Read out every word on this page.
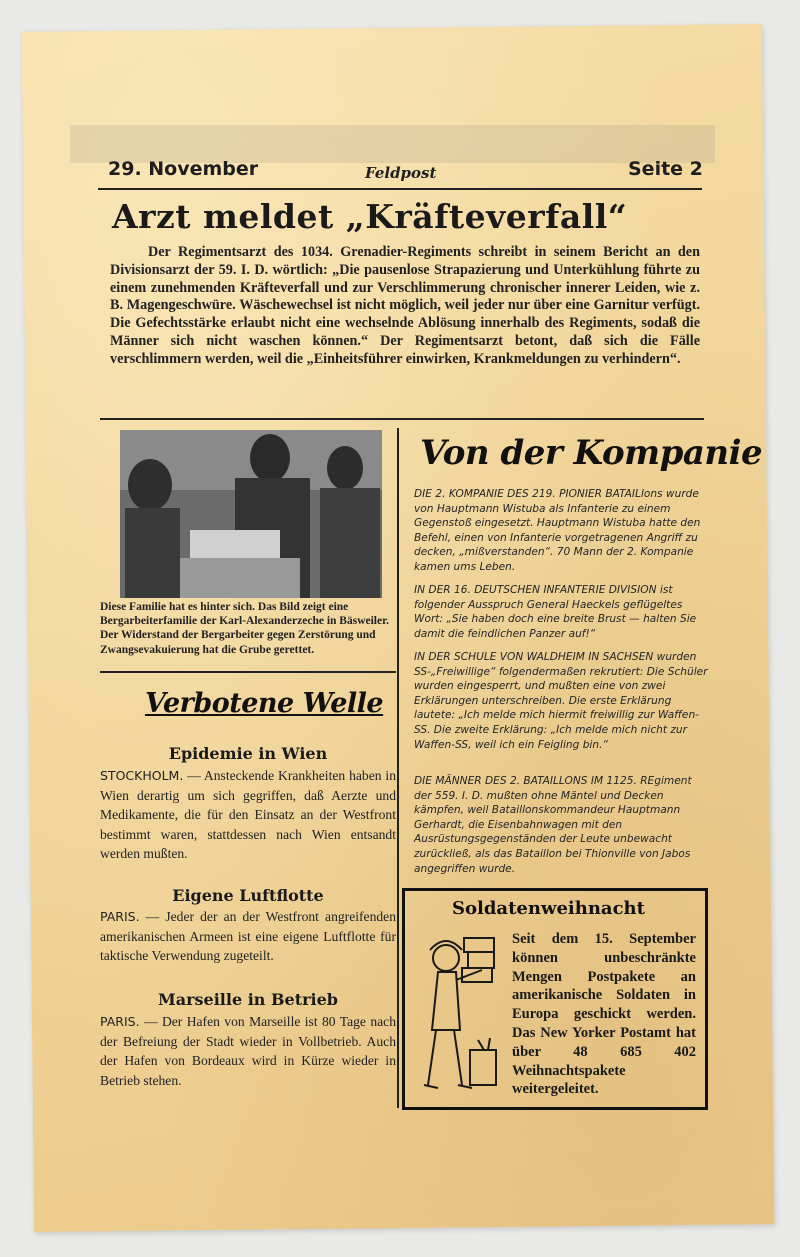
29. November	Feldpost	Seite 2
Arzt meldet „Kräfteverfall“

Der Regimentsarzt des 1034. Grenadier-Regiments schreibt in seinem Bericht an den Divisionsarzt der 59. I. D. wörtlich: „Die pausenlose Strapazierung und Unterkühlung führte zu einem zunehmenden Kräfteverfall und zur Verschlimmerung chronischer innerer Leiden, wie z. B. Magengeschwüre. Wäschewechsel ist nicht möglich, weil jeder nur über eine Garnitur verfügt. Die Gefechtsstärke erlaubt nicht eine wechselnde Ablösung innerhalb des Regiments, sodaß die Männer sich nicht waschen können.“ Der Regimentsarzt betont, daß sich die Fälle verschlimmern werden, weil die „Einheitsführer einwirken, Krankmeldungen zu verhindern“.

Diese Familie hat es hinter sich. Das Bild zeigt eine Bergarbeiterfamilie der Karl-Alexanderzeche in Bäsweiler. Der Widerstand der Bergarbeiter gegen Zerstörung und Zwangsevakuierung hat die Grube gerettet.

Von der Kompanie

DIE 2. KOMPANIE DES 219. PIONIER BATAILlons wurde von Hauptmann Wistuba als Infanterie zu einem Gegenstoß eingesetzt. Hauptmann Wistuba hatte den Befehl, einen von Infanterie vorgetragenen Angriff zu decken, „mißverstanden“. 70 Mann der 2. Kompanie kamen ums Leben.

IN DER 16. DEUTSCHEN INFANTERIE DIVISION ist folgender Ausspruch General Haeckels geflügeltes Wort: „Sie haben doch eine breite Brust — halten Sie damit die feindlichen Panzer auf!“

IN DER SCHULE VON WALDHEIM IN SACHSEN wurden SS-„Freiwillige“ folgendermaßen rekrutiert: Die Schüler wurden eingesperrt, und mußten eine von zwei Erklärungen unterschreiben. Die erste Erklärung lautete: „Ich melde mich hiermit freiwillig zur Waffen-SS. Die zweite Erklärung: „Ich melde mich nicht zur Waffen-SS, weil ich ein Feigling bin.“

DIE MÄNNER DES 2. BATAILLONS IM 1125. REgiment der 559. I. D. mußten ohne Mäntel und Decken kämpfen, weil Bataillonskommandeur Hauptmann Gerhardt, die Eisenbahnwagen mit den Ausrüstungsgegenständen der Leute unbewacht zurückließ, als das Bataillon bei Thionville von Jabos angegriffen wurde.

Verbotene Welle
Epidemie in Wien

STOCKHOLM. — Ansteckende Krankheiten haben in Wien derartig um sich gegriffen, daß Aerzte und Medikamente, die für den Einsatz an der Westfront bestimmt waren, stattdessen nach Wien entsandt werden mußten.

Eigene Luftflotte

PARIS. — Jeder der an der Westfront angreifenden amerikanischen Armeen ist eine eigene Luftflotte für taktische Verwendung zugeteilt.

Marseille in Betrieb

PARIS. — Der Hafen von Marseille ist 80 Tage nach der Befreiung der Stadt wieder in Vollbetrieb. Auch der Hafen von Bordeaux wird in Kürze wieder in Betrieb stehen.

Soldatenweihnacht

Seit dem 15. September können unbeschränkte Mengen Postpakete an amerikanische Soldaten in Europa geschickt werden. Das New Yorker Postamt hat über 48 685 402 Weihnachtspakete weitergeleitet.
